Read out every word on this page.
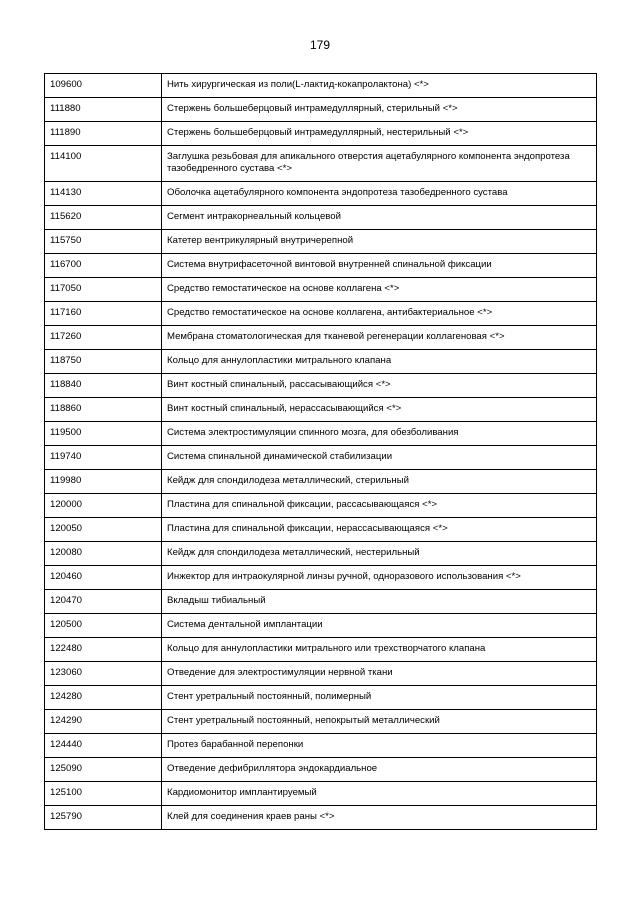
179
109600	Нить хирургическая из поли(L-лактид-кокапролактона) <*>
111880	Стержень большеберцовый интрамедуллярный, стерильный <*>
111890	Стержень большеберцовый интрамедуллярный, нестерильный <*>
114100	Заглушка резьбовая для апикального отверстия ацетабулярного компонента эндопротеза тазобедренного сустава <*>
114130	Оболочка ацетабулярного компонента эндопротеза тазобедренного сустава
115620	Сегмент интракорнеальный кольцевой
115750	Катетер вентрикулярный внутричерепной
116700	Система внутрифасеточной винтовой внутренней спинальной фиксации
117050	Средство гемостатическое на основе коллагена <*>
117160	Средство гемостатическое на основе коллагена, антибактериальное <*>
117260	Мембрана стоматологическая для тканевой регенерации коллагеновая <*>
118750	Кольцо для аннулопластики митрального клапана
118840	Винт костный спинальный, рассасывающийся <*>
118860	Винт костный спинальный, нерассасывающийся <*>
119500	Система электростимуляции спинного мозга, для обезболивания
119740	Система спинальной динамической стабилизации
119980	Кейдж для спондилодеза металлический, стерильный
120000	Пластина для спинальной фиксации, рассасывающаяся <*>
120050	Пластина для спинальной фиксации, нерассасывающаяся <*>
120080	Кейдж для спондилодеза металлический, нестерильный
120460	Инжектор для интраокулярной линзы ручной, одноразового использования <*>
120470	Вкладыш тибиальный
120500	Система дентальной имплантации
122480	Кольцо для аннулопластики митрального или трехстворчатого клапана
123060	Отведение для электростимуляции нервной ткани
124280	Стент уретральный постоянный, полимерный
124290	Стент уретральный постоянный, непокрытый металлический
124440	Протез барабанной перепонки
125090	Отведение дефибриллятора эндокардиальное
125100	Кардиомонитор имплантируемый
125790	Клей для соединения краев раны <*>
